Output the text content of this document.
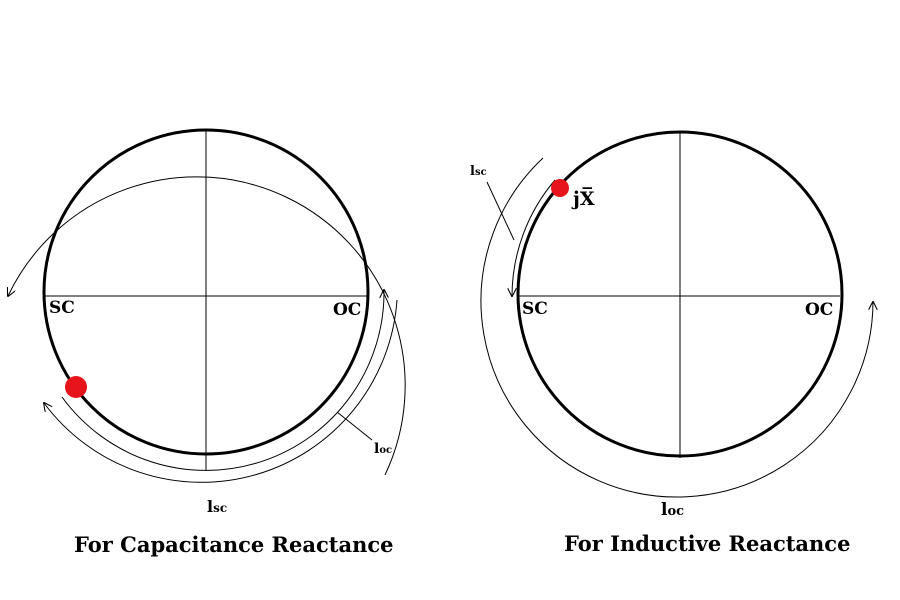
SC	OC
loc
lsc
For Capacitance Reactance
jX̅
SC	OC
lsc
loc
For Inductive Reactance
